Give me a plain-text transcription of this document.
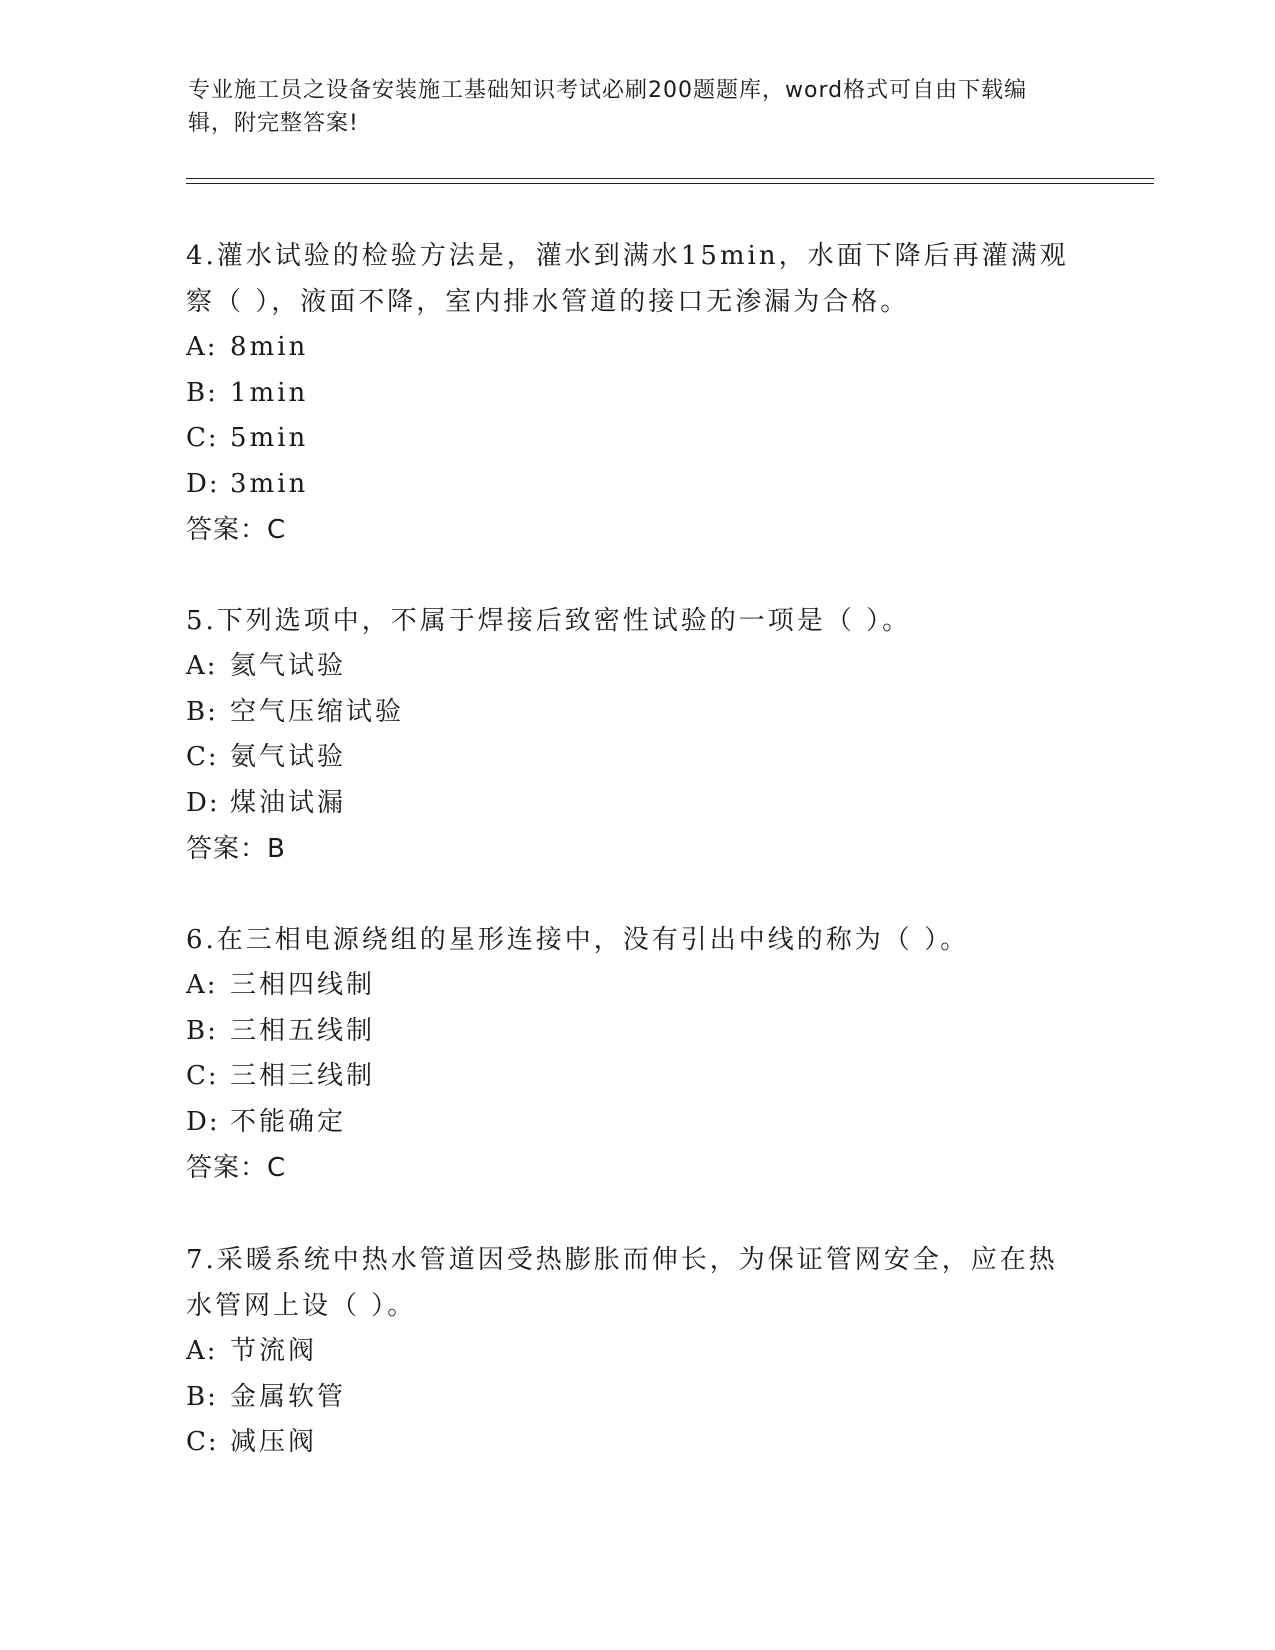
专业施工员之设备安装施工基础知识考试必刷200题题库，word格式可自由下载编辑，附完整答案!
4.灌水试验的检验方法是，灌水到满水15min，水面下降后再灌满观察（ ），液面不降，室内排水管道的接口无渗漏为合格。
A: 8min
B: 1min
C: 5min
D: 3min
答案：C
5.下列选项中，不属于焊接后致密性试验的一项是（ ）。
A: 氦气试验
B: 空气压缩试验
C: 氨气试验
D: 煤油试漏
答案：B
6.在三相电源绕组的星形连接中，没有引出中线的称为（ ）。
A: 三相四线制
B: 三相五线制
C: 三相三线制
D: 不能确定
答案：C
7.采暖系统中热水管道因受热膨胀而伸长，为保证管网安全，应在热水管网上设（ ）。
A: 节流阀
B: 金属软管
C: 减压阀
